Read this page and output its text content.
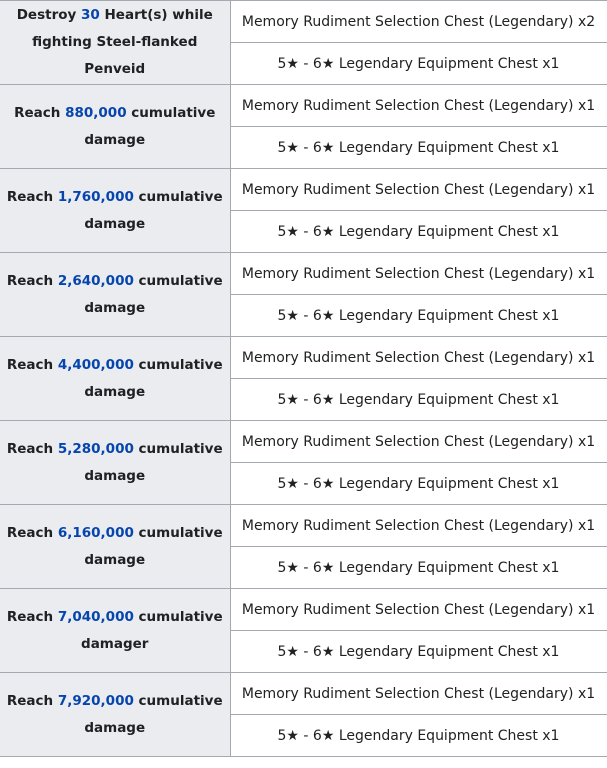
Destroy 30 Heart(s) while fighting Steel-flanked Penveid	Memory Rudiment Selection Chest (Legendary) x2
	5★ - 6★ Legendary Equipment Chest x1
Reach 880,000 cumulative damage	Memory Rudiment Selection Chest (Legendary) x1
	5★ - 6★ Legendary Equipment Chest x1
Reach 1,760,000 cumulative damage	Memory Rudiment Selection Chest (Legendary) x1
	5★ - 6★ Legendary Equipment Chest x1
Reach 2,640,000 cumulative damage	Memory Rudiment Selection Chest (Legendary) x1
	5★ - 6★ Legendary Equipment Chest x1
Reach 4,400,000 cumulative damage	Memory Rudiment Selection Chest (Legendary) x1
	5★ - 6★ Legendary Equipment Chest x1
Reach 5,280,000 cumulative damage	Memory Rudiment Selection Chest (Legendary) x1
	5★ - 6★ Legendary Equipment Chest x1
Reach 6,160,000 cumulative damage	Memory Rudiment Selection Chest (Legendary) x1
	5★ - 6★ Legendary Equipment Chest x1
Reach 7,040,000 cumulative damager	Memory Rudiment Selection Chest (Legendary) x1
	5★ - 6★ Legendary Equipment Chest x1
Reach 7,920,000 cumulative damage	Memory Rudiment Selection Chest (Legendary) x1
	5★ - 6★ Legendary Equipment Chest x1
